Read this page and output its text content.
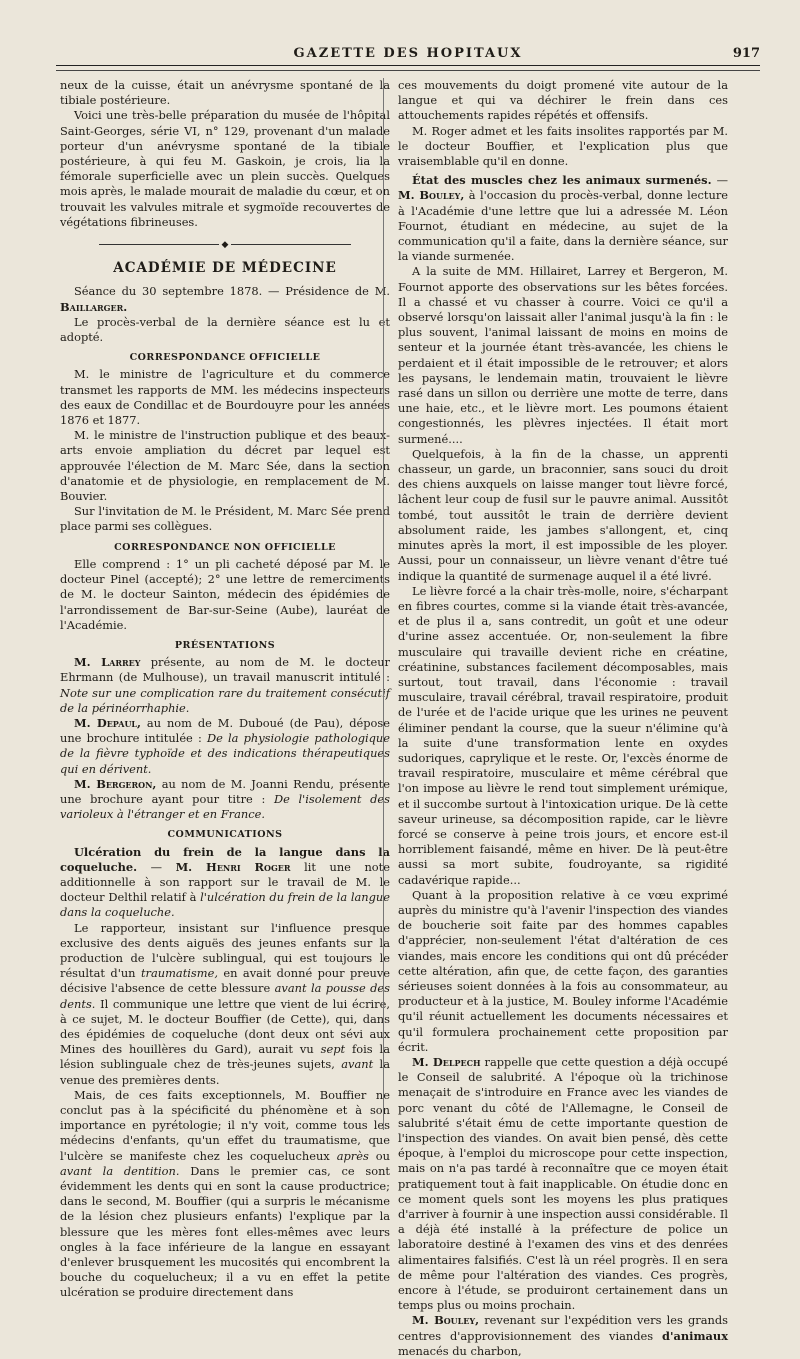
GAZETTE DES HOPITAUX	917

neux de la cuisse, était un anévrysme spontané de la tibiale postérieure.

Voici une très-belle préparation du musée de l'hôpital Saint-Georges, série VI, n° 129, provenant d'un malade porteur d'un anévrysme spontané de la tibiale postérieure, à qui feu M. Gaskoin, je crois, lia la fémorale superficielle avec un plein succès. Quelques mois après, le malade mourait de maladie du cœur, et on trouvait les valvules mitrale et sygmoïde recouvertes de végétations fibrineuses.

◆

ACADÉMIE DE MÉDECINE

Séance du 30 septembre 1878. — Présidence de M. Baillarger.

Le procès-verbal de la dernière séance est lu et adopté.

CORRESPONDANCE OFFICIELLE

M. le ministre de l'agriculture et du commerce transmet les rapports de MM. les médecins inspecteurs des eaux de Condillac et de Bourdouyre pour les années 1876 et 1877.

M. le ministre de l'instruction publique et des beaux-arts envoie ampliation du décret par lequel est approuvée l'élection de M. Marc Sée, dans la section d'anatomie et de physiologie, en remplacement de M. Bouvier.

Sur l'invitation de M. le Président, M. Marc Sée prend place parmi ses collègues.

CORRESPONDANCE NON OFFICIELLE

Elle comprend : 1° un pli cacheté déposé par M. le docteur Pinel (accepté); 2° une lettre de remerciments de M. le docteur Sainton, médecin des épidémies de l'arrondissement de Bar-sur-Seine (Aube), lauréat de l'Académie.

PRÉSENTATIONS

M. Larrey présente, au nom de M. le docteur Ehrmann (de Mulhouse), un travail manuscrit intitulé : Note sur une complication rare du traitement consécutif de la périnéorrhaphie.

M. Depaul, au nom de M. Duboué (de Pau), dépose une brochure intitulée : De la physiologie pathologique de la fièvre typhoïde et des indications thérapeutiques qui en dérivent.

M. Bergeron, au nom de M. Joanni Rendu, présente une brochure ayant pour titre : De l'isolement des varioleux à l'étranger et en France.

COMMUNICATIONS

Ulcération du frein de la langue dans la coqueluche. — M. Henri Roger lit une note additionnelle à son rapport sur le travail de M. le docteur Delthil relatif à l'ulcération du frein de la langue dans la coqueluche.

Le rapporteur, insistant sur l'influence presque exclusive des dents aiguës des jeunes enfants sur la production de l'ulcère sublingual, qui est toujours le résultat d'un traumatisme, en avait donné pour preuve décisive l'absence de cette blessure avant la pousse des dents. Il communique une lettre que vient de lui écrire, à ce sujet, M. le docteur Bouffier (de Cette), qui, dans des épidémies de coqueluche (dont deux ont sévi aux Mines des houillères du Gard), aurait vu sept fois la lésion sublinguale chez de très-jeunes sujets, avant la venue des premières dents.

Mais, de ces faits exceptionnels, M. Bouffier ne conclut pas à la spécificité du phénomène et à son importance en pyrétologie; il n'y voit, comme tous les médecins d'enfants, qu'un effet du traumatisme, que l'ulcère se manifeste chez les coquelucheux après ou avant la dentition. Dans le premier cas, ce sont évidemment les dents qui en sont la cause productrice; dans le second, M. Bouffier (qui a surpris le mécanisme de la lésion chez plusieurs enfants) l'explique par la blessure que les mères font elles-mêmes avec leurs ongles à la face inférieure de la langue en essayant d'enlever brusquement les mucosités qui encombrent la bouche du coquelucheux; il a vu en effet la petite ulcération se produire directement dans

ces mouvements du doigt promené vite autour de la langue et qui va déchirer le frein dans ces attouchements rapides répétés et offensifs.

M. Roger admet et les faits insolites rapportés par M. le docteur Bouffier, et l'explication plus que vraisemblable qu'il en donne.

État des muscles chez les animaux surmenés. — M. Bouley, à l'occasion du procès-verbal, donne lecture à l'Académie d'une lettre que lui a adressée M. Léon Fournot, étudiant en médecine, au sujet de la communication qu'il a faite, dans la dernière séance, sur la viande surmenée.

A la suite de MM. Hillairet, Larrey et Bergeron, M. Fournot apporte des observations sur les bêtes forcées. Il a chassé et vu chasser à courre. Voici ce qu'il a observé lorsqu'on laissait aller l'animal jusqu'à la fin : le plus souvent, l'animal laissant de moins en moins de senteur et la journée étant très-avancée, les chiens le perdaient et il était impossible de le retrouver; et alors les paysans, le lendemain matin, trouvaient le lièvre rasé dans un sillon ou derrière une motte de terre, dans une haie, etc., et le lièvre mort. Les poumons étaient congestionnés, les plèvres injectées. Il était mort surmené....

Quelquefois, à la fin de la chasse, un apprenti chasseur, un garde, un braconnier, sans souci du droit des chiens auxquels on laisse manger tout lièvre forcé, lâchent leur coup de fusil sur le pauvre animal. Aussitôt tombé, tout aussitôt le train de derrière devient absolument raide, les jambes s'allongent, et, cinq minutes après la mort, il est impossible de les ployer. Aussi, pour un connaisseur, un lièvre venant d'être tué indique la quantité de surmenage auquel il a été livré.

Le lièvre forcé a la chair très-molle, noire, s'écharpant en fibres courtes, comme si la viande était très-avancée, et de plus il a, sans contredit, un goût et une odeur d'urine assez accentuée. Or, non-seulement la fibre musculaire qui travaille devient riche en créatine, créatinine, substances facilement décomposables, mais surtout, tout travail, dans l'économie : travail musculaire, travail cérébral, travail respiratoire, produit de l'urée et de l'acide urique que les urines ne peuvent éliminer pendant la course, que la sueur n'élimine qu'à la suite d'une transformation lente en oxydes sudoriques, caprylique et le reste. Or, l'excès énorme de travail respiratoire, musculaire et même cérébral que l'on impose au lièvre le rend tout simplement urémique, et il succombe surtout à l'intoxication urique. De là cette saveur urineuse, sa décomposition rapide, car le lièvre forcé se conserve à peine trois jours, et encore est-il horriblement faisandé, même en hiver. De là peut-être aussi sa mort subite, foudroyante, sa rigidité cadavérique rapide...

Quant à la proposition relative à ce vœu exprimé auprès du ministre qu'à l'avenir l'inspection des viandes de boucherie soit faite par des hommes capables d'apprécier, non-seulement l'état d'altération de ces viandes, mais encore les conditions qui ont dû précéder cette altération, afin que, de cette façon, des garanties sérieuses soient données à la fois au consommateur, au producteur et à la justice, M. Bouley informe l'Académie qu'il réunit actuellement les documents nécessaires et qu'il formulera prochainement cette proposition par écrit.

M. Delpech rappelle que cette question a déjà occupé le Conseil de salubrité. A l'époque où la trichinose menaçait de s'introduire en France avec les viandes de porc venant du côté de l'Allemagne, le Conseil de salubrité s'était ému de cette importante question de l'inspection des viandes. On avait bien pensé, dès cette époque, à l'emploi du microscope pour cette inspection, mais on n'a pas tardé à reconnaître que ce moyen était pratiquement tout à fait inapplicable. On étudie donc en ce moment quels sont les moyens les plus pratiques d'arriver à fournir à une inspection aussi considérable. Il a déjà été installé à la préfecture de police un laboratoire destiné à l'examen des vins et des denrées alimentaires falsifiés. C'est là un réel progrès. Il en sera de même pour l'altération des viandes. Ces progrès, encore à l'étude, se produiront certainement dans un temps plus ou moins prochain.

M. Bouley, revenant sur l'expédition vers les grands centres d'approvisionnement des viandes d'animaux menacés du charbon,
